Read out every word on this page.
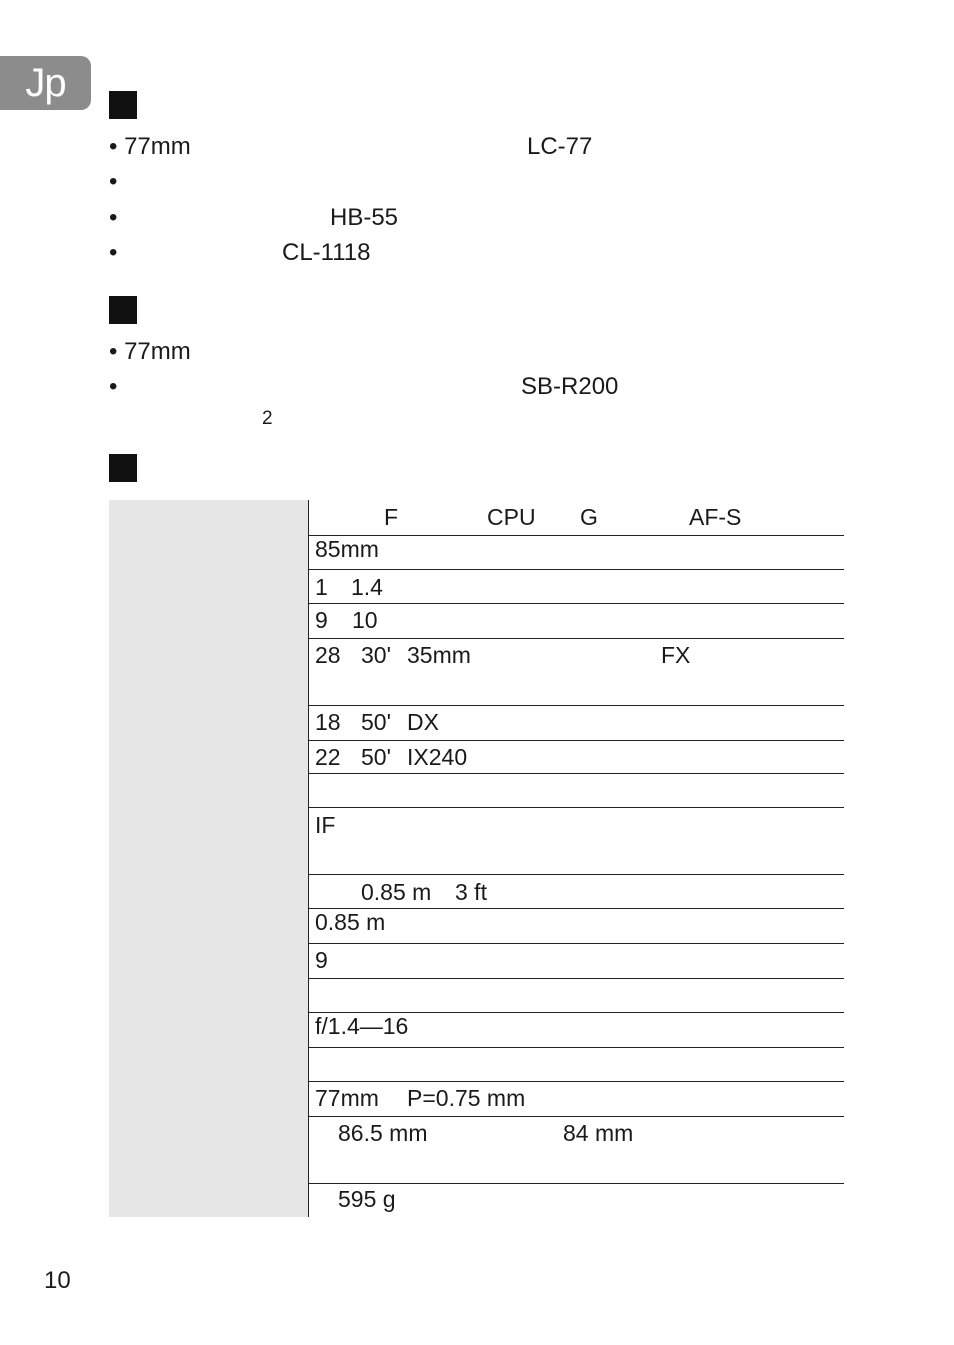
Jp
• 77mm	LC-77
•
•	HB-55
•	CL-1118
• 77mm
•	SB-R200
2
F	CPU G	AF-S
85mm
1 1.4
9 10
28 30' 35mm	FX
18 50' DX
22 50' IX240
IF
0.85 m 3 ft
0.85 m
9
f/1.4—16
77mm P=0.75 mm
86.5 mm	84 mm
595 g
10
